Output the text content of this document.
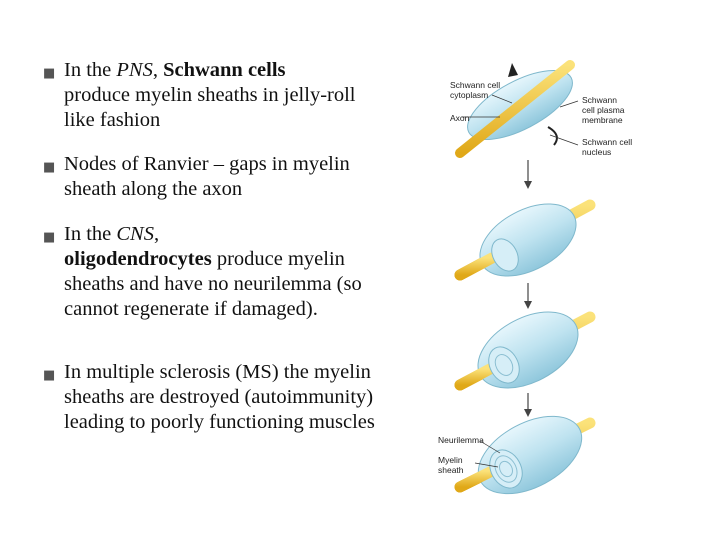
■ In the PNS, Schwann cells
produce myelin sheaths in jelly-roll like fashion
■ Nodes of Ranvier – gaps in myelin sheath along the axon
■ In the CNS,
oligodendrocytes produce myelin sheaths and have no neurilemma (so cannot regenerate if damaged).
■ In multiple sclerosis (MS) the myelin sheaths are destroyed (autoimmunity) leading to poorly functioning muscles
Schwann cell
cytoplasm
Axon
Schwann
cell plasma
membrane
Schwann cell
nucleus
Neurilemma
Myelin
sheath
